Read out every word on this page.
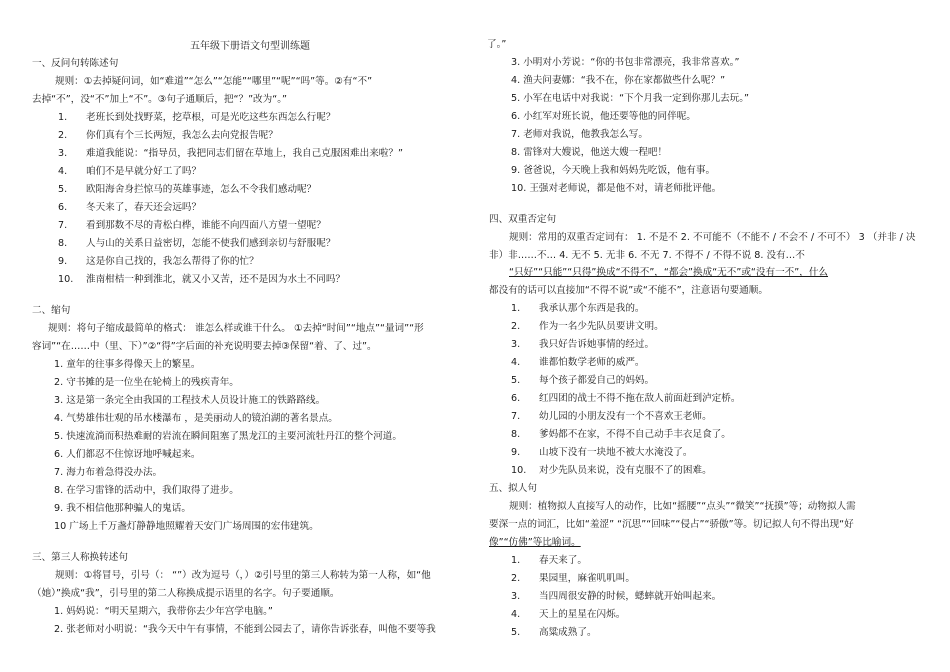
五年级下册语文句型训练题
一、反问句转陈述句
规则：①去掉疑问词，如“难道”“怎么”“怎能”“哪里”“呢”“吗”等。②有“不”
去掉“不”，没“不”加上“不”。③句子通顺后，把“？”改为“。”
1. 老班长到处找野菜，挖草根，可是光吃这些东西怎么行呢？
2. 你们真有个三长两短，我怎么去向党报告呢？
3. 难道我能说：“指导员，我把同志们留在草地上，我自己克服困难出来啦？”
4. 咱们不是早就分好工了吗？
5. 欧阳海舍身拦惊马的英雄事迹，怎么不令我们感动呢？
6. 冬天来了，春天还会远吗？
7. 看到那数不尽的青松白桦，谁能不向四面八方望一望呢？
8. 人与山的关系日益密切，怎能不使我们感到亲切与舒服呢？
9. 这是你自己找的，我怎么帮得了你的忙？
10. 淮南柑桔一种到淮北，就又小又苦，还不是因为水土不同吗？
二、缩句
规则：将句子缩成最简单的格式： 谁怎么样或谁干什么。 ①去掉“时间”“地点”“量词”“形
容词”“在……中（里、下）”②“得”字后面的补充说明要去掉③保留“着、了、过”。
1. 童年的往事多得像天上的繁星。
2. 守书摊的是一位坐在轮椅上的残疾青年。
3. 这是第一条完全由我国的工程技术人员设计施工的铁路路线。
4. 气势雄伟壮观的吊水楼瀑布 ，是美丽动人的镜泊湖的著名景点。
5. 快速流淌而积热难耐的岩流在瞬间阻塞了黑龙江的主要河流牡丹江的整个河道。
6. 人们都忍不住惊讶地呼喊起来。
7. 海力布着急得没办法。
8. 在学习雷锋的活动中，我们取得了进步。
9. 我不相信他那种骗人的鬼话。
10 广场上千万盏灯静静地照耀着天安门广场周围的宏伟建筑。
三、第三人称换转述句
规则：①将冒号，引号（： “”）改为逗号（，）②引号里的第三人称转为第一人称，如“他
（她）”换成“我”，引号里的第二人称换成提示语里的名字。句子要通顺。
1. 妈妈说：“明天星期六，我带你去少年宫学电脑。”
2. 张老师对小明说：“我今天中午有事情，不能到公园去了，请你告诉张春，叫他不要等我
了。”
3. 小明对小芳说：“你的书包非常漂亮，我非常喜欢。”
4. 渔夫问妻娜：“我不在，你在家都做些什么呢？”
5. 小军在电话中对我说：“下个月我一定到你那儿去玩。”
6. 小红军对班长说，他还要等他的同伴呢。
7. 老师对我说，他教我怎么写。
8. 雷锋对大嫂说，他送大嫂一程吧！
9. 爸爸说，今天晚上我和妈妈先吃饭，他有事。
10. 王强对老师说，都是他不对，请老师批评他。
四、双重否定句
规则：常用的双重否定词有： 1. 不是不 2. 不可能不（不能不 / 不会不 / 不可不） 3 （并非 / 决
非）非……不… 4. 无不 5. 无非 6. 不无 7. 不得不 / 不得不说 8. 没有…不
“只好”“只能”“只得”换成“不得不”，“都会”换成“无不”或“没有一不”，什么
都没有的话可以直接加“不得不说”或“不能不”，注意语句要通顺。
1. 我承认那个东西是我的。
2. 作为一名少先队员要讲文明。
3. 我只好告诉她事情的经过。
4. 谁都怕数学老师的威严。
5. 每个孩子都爱自己的妈妈。
6. 红四团的战士不得不拖在敌人前面赶到泸定桥。
7. 幼儿园的小朋友没有一个不喜欢王老师。
8. 爹妈都不在家，不得不自己动手丰衣足食了。
9. 山坡下没有一块地不被大水淹没了。
10. 对少先队员来说，没有克服不了的困难。
五、拟人句
规则：植物拟人直接写人的动作，比如“摇腰”“点头”“微笑”“抚摸”等；动物拟人需
要深一点的词汇，比如“羞涩” “沉思”“回味”“侵占”“骄傲”等。切记拟人句不得出现“好
像”“仿佛”等比喻词。
1. 春天来了。
2. 果园里，麻雀叽叽叫。
3. 当四周很安静的时候，蟋蟀就开始叫起来。
4. 天上的星星在闪烁。
5. 高粱成熟了。
